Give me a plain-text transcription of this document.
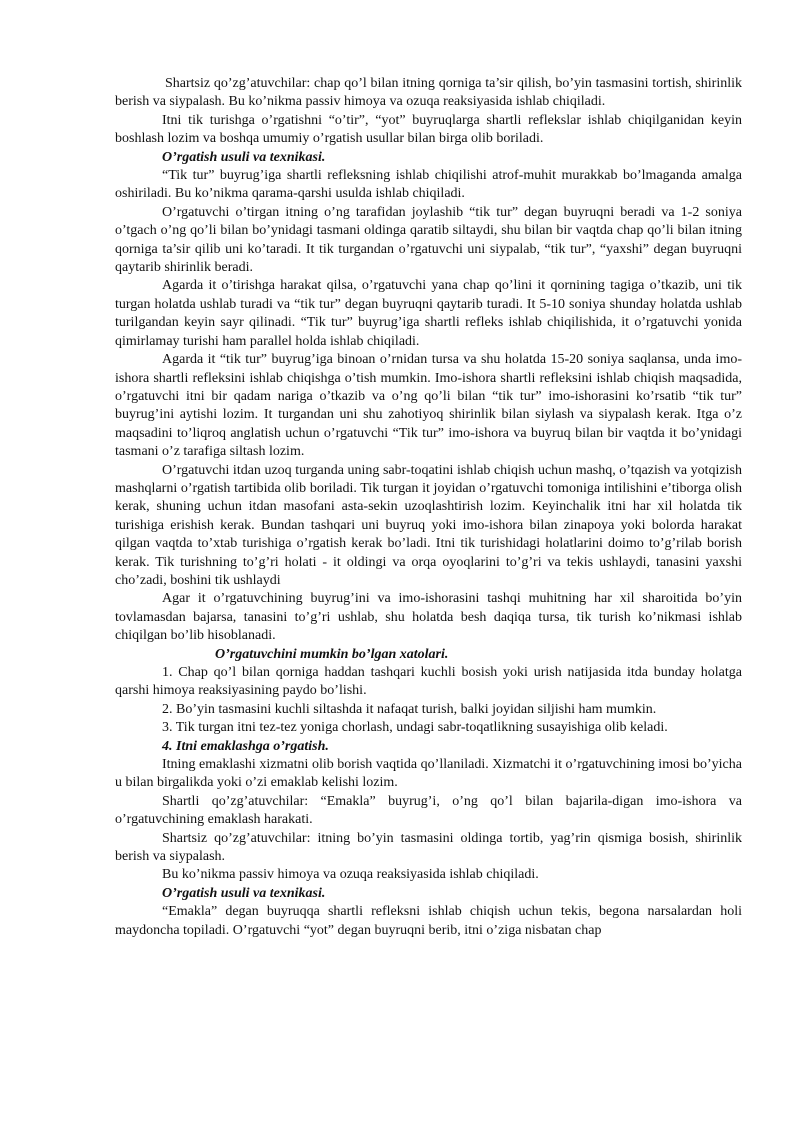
Shartsiz qo’zg’atuvchilar: chap qo’l bilan itning qorniga ta’sir qilish, bo’yin tasmasini tortish, shirinlik berish va siypalash. Bu ko’nikma passiv himoya va ozuqa reaksiyasida ishlab chiqiladi.

Itni tik turishga o’rgatishni “o’tir”, “yot” buyruqlarga shartli reflekslar ishlab chiqilganidan keyin boshlash lozim va boshqa umumiy o’rgatish usullar bilan birga olib boriladi.

O’rgatish usuli va texnikasi.

“Tik tur” buyrug’iga shartli refleksning ishlab chiqilishi atrof-muhit murakkab bo’lmaganda amalga oshiriladi. Bu ko’nikma qarama-qarshi usulda ishlab chiqiladi.

O’rgatuvchi o’tirgan itning o’ng tarafidan joylashib “tik tur” degan buyruqni beradi va 1-2 soniya o’tgach o’ng qo’li bilan bo’ynidagi tasmani oldinga qaratib siltaydi, shu bilan bir vaqtda chap qo’li bilan itning qorniga ta’sir qilib uni ko’taradi. It tik turgandan o’rgatuvchi uni siypalab, “tik tur”, “yaxshi” degan buyruqni qaytarib shirinlik beradi.

Agarda it o’tirishga harakat qilsa, o’rgatuvchi yana chap qo’lini it qornining tagiga o’tkazib, uni tik turgan holatda ushlab turadi va “tik tur” degan buyruqni qaytarib turadi. It 5-10 soniya shunday holatda ushlab turilgandan keyin sayr qilinadi. “Tik tur” buyrug’iga shartli refleks ishlab chiqilishida, it o’rgatuvchi yonida qimirlamay turishi ham parallel holda ishlab chiqiladi.

Agarda it “tik tur” buyrug’iga binoan o’rnidan tursa va shu holatda 15-20 soniya saqlansa, unda imo-ishora shartli refleksini ishlab chiqishga o’tish mumkin. Imo-ishora shartli refleksini ishlab chiqish maqsadida, o’rgatuvchi itni bir qadam nariga o’tkazib va o’ng qo’li bilan “tik tur” imo-ishorasini ko’rsatib “tik tur” buyrug’ini aytishi lozim. It turgandan uni shu zahotiyoq shirinlik bilan siylash va siypalash kerak. Itga o’z maqsadini to’liqroq anglatish uchun o’rgatuvchi “Tik tur” imo-ishora va buyruq bilan bir vaqtda it bo’ynidagi tasmani o’z tarafiga siltash lozim.

O’rgatuvchi itdan uzoq turganda uning sabr-toqatini ishlab chiqish uchun mashq, o’tqazish va yotqizish mashqlarni o’rgatish tartibida olib boriladi. Tik turgan it joyidan o’rgatuvchi tomoniga intilishini e’tiborga olish kerak, shuning uchun itdan masofani asta-sekin uzoqlashtirish lozim. Keyinchalik itni har xil holatda tik turishiga erishish kerak. Bundan tashqari uni buyruq yoki imo-ishora bilan zinapoya yoki bolorda harakat qilgan vaqtda to’xtab turishiga o’rgatish kerak bo’ladi. Itni tik turishidagi holatlarini doimo to’g’rilab borish kerak. Tik turishning to’g’ri holati - it oldingi va orqa oyoqlarini to’g’ri va tekis ushlaydi, tanasini yaxshi cho’zadi, boshini tik ushlaydi

Agar it o’rgatuvchining buyrug’ini va imo-ishorasini tashqi muhitning har xil sharoitida bo’yin tovlamasdan bajarsa, tanasini to’g’ri ushlab, shu holatda besh daqiqa tursa, tik turish ko’nikmasi ishlab chiqilgan bo’lib hisoblanadi.

O’rgatuvchini mumkin bo’lgan xatolari.

1. Chap qo’l bilan qorniga haddan tashqari kuchli bosish yoki urish natijasida itda bunday holatga qarshi himoya reaksiyasining paydo bo’lishi.

2. Bo’yin tasmasini kuchli siltashda it nafaqat turish, balki joyidan siljishi ham mumkin.

3. Tik turgan itni tez-tez yoniga chorlash, undagi sabr-toqatlikning susayishiga olib keladi.

4. Itni emaklashga o’rgatish.

Itning emaklashi xizmatni olib borish vaqtida qo’llaniladi. Xizmatchi it o’rgatuvchining imosi bo’yicha u bilan birgalikda yoki o’zi emaklab kelishi lozim.

Shartli qo’zg’atuvchilar: “Emakla” buyrug’i, o’ng qo’l bilan bajarila-digan imo-ishora va o’rgatuvchining emaklash harakati.

Shartsiz qo’zg’atuvchilar: itning bo’yin tasmasini oldinga tortib, yag’rin qismiga bosish, shirinlik berish va siypalash.

Bu ko’nikma passiv himoya va ozuqa reaksiyasida ishlab chiqiladi.

O’rgatish usuli va texnikasi.

“Emakla” degan buyruqqa shartli refleksni ishlab chiqish uchun tekis, begona narsalardan holi maydoncha topiladi. O’rgatuvchi “yot” degan buyruqni berib, itni o’ziga nisbatan chap
